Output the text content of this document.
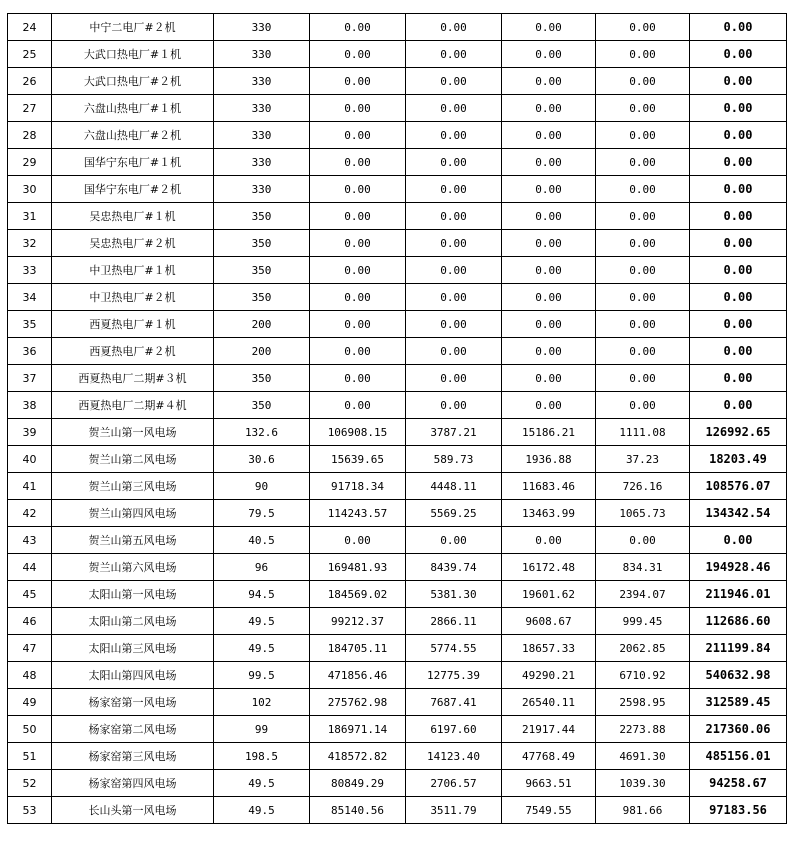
24	中宁二电厂#２机	330	0.00	0.00	0.00	0.00	0.00
25	大武口热电厂#１机	330	0.00	0.00	0.00	0.00	0.00
26	大武口热电厂#２机	330	0.00	0.00	0.00	0.00	0.00
27	六盘山热电厂#１机	330	0.00	0.00	0.00	0.00	0.00
28	六盘山热电厂#２机	330	0.00	0.00	0.00	0.00	0.00
29	国华宁东电厂#１机	330	0.00	0.00	0.00	0.00	0.00
30	国华宁东电厂#２机	330	0.00	0.00	0.00	0.00	0.00
31	吴忠热电厂#１机	350	0.00	0.00	0.00	0.00	0.00
32	吴忠热电厂#２机	350	0.00	0.00	0.00	0.00	0.00
33	中卫热电厂#１机	350	0.00	0.00	0.00	0.00	0.00
34	中卫热电厂#２机	350	0.00	0.00	0.00	0.00	0.00
35	西夏热电厂#１机	200	0.00	0.00	0.00	0.00	0.00
36	西夏热电厂#２机	200	0.00	0.00	0.00	0.00	0.00
37	西夏热电厂二期#３机	350	0.00	0.00	0.00	0.00	0.00
38	西夏热电厂二期#４机	350	0.00	0.00	0.00	0.00	0.00
39	贺兰山第一风电场	132.6	106908.15	3787.21	15186.21	1111.08	126992.65
40	贺兰山第二风电场	30.6	15639.65	589.73	1936.88	37.23	18203.49
41	贺兰山第三风电场	90	91718.34	4448.11	11683.46	726.16	108576.07
42	贺兰山第四风电场	79.5	114243.57	5569.25	13463.99	1065.73	134342.54
43	贺兰山第五风电场	40.5	0.00	0.00	0.00	0.00	0.00
44	贺兰山第六风电场	96	169481.93	8439.74	16172.48	834.31	194928.46
45	太阳山第一风电场	94.5	184569.02	5381.30	19601.62	2394.07	211946.01
46	太阳山第二风电场	49.5	99212.37	2866.11	9608.67	999.45	112686.60
47	太阳山第三风电场	49.5	184705.11	5774.55	18657.33	2062.85	211199.84
48	太阳山第四风电场	99.5	471856.46	12775.39	49290.21	6710.92	540632.98
49	杨家窑第一风电场	102	275762.98	7687.41	26540.11	2598.95	312589.45
50	杨家窑第二风电场	99	186971.14	6197.60	21917.44	2273.88	217360.06
51	杨家窑第三风电场	198.5	418572.82	14123.40	47768.49	4691.30	485156.01
52	杨家窑第四风电场	49.5	80849.29	2706.57	9663.51	1039.30	94258.67
53	长山头第一风电场	49.5	85140.56	3511.79	7549.55	981.66	97183.56
